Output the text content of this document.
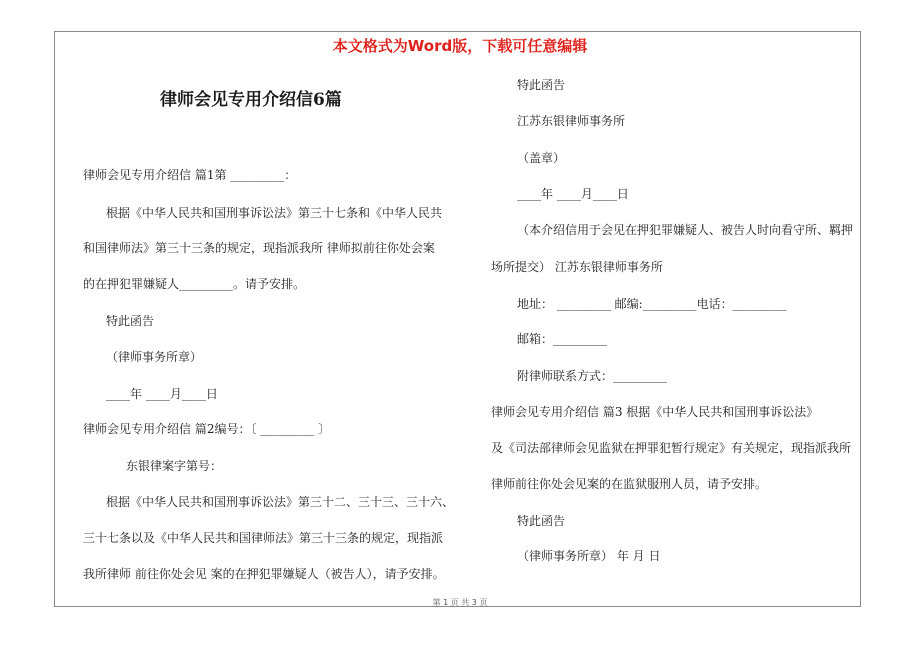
本文格式为Word版，下载可任意编辑
律师会见专用介绍信6篇
律师会见专用介绍信 篇1第 _________：
根据《中华人民共和国刑事诉讼法》第三十七条和《中华人民共
和国律师法》第三十三条的规定，现指派我所 律师拟前往你处会案
的在押犯罪嫌疑人_________。请予安排。
特此函告
（律师事务所章）
____年 ____月____日
律师会见专用介绍信 篇2编号：〔 _________ 〕
东银律案字第号：
根据《中华人民共和国刑事诉讼法》第三十二、三十三、三十六、
三十七条以及《中华人民共和国律师法》第三十三条的规定，现指派
我所律师 前往你处会见 案的在押犯罪嫌疑人（被告人），请予安排。
特此函告
江苏东银律师事务所
（盖章）
____年 ____月____日
（本介绍信用于会见在押犯罪嫌疑人、被告人时向看守所、羁押
场所提交） 江苏东银律师事务所
地址： _________ 邮编:_________电话：_________
邮箱：_________
附律师联系方式：_________
律师会见专用介绍信 篇3 根据《中华人民共和国刑事诉讼法》
及《司法部律师会见监狱在押罪犯暂行规定》有关规定，现指派我所
律师前往你处会见案的在监狱服刑人员，请予安排。
特此函告
（律师事务所章） 年 月 日
第 1 页 共 3 页
